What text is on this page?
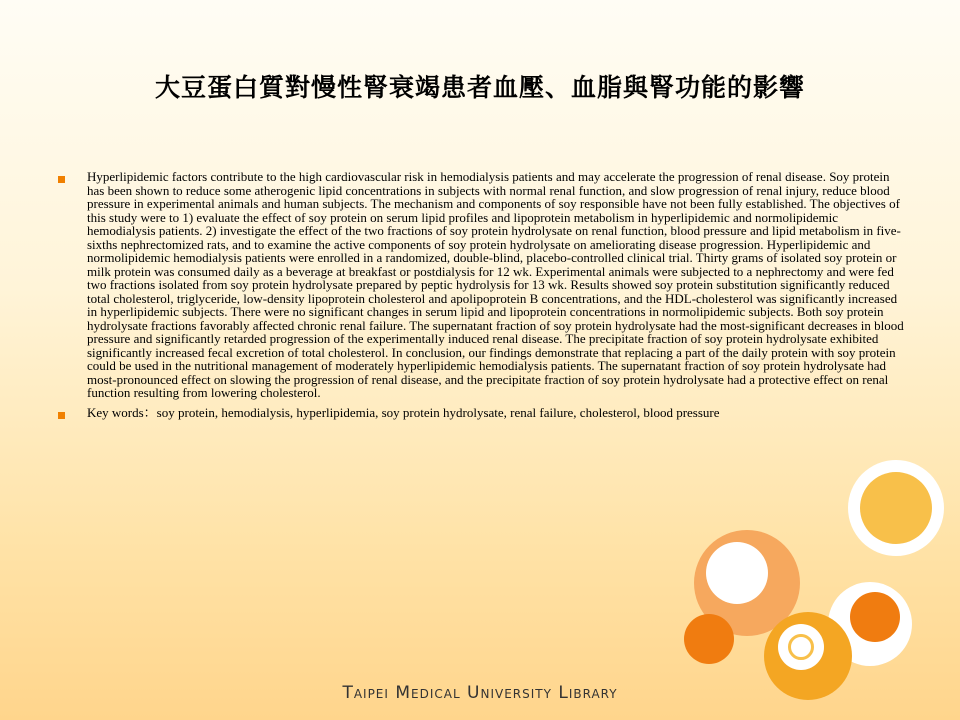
大豆蛋白質對慢性腎衰竭患者血壓、血脂與腎功能的影響
Hyperlipidemic factors contribute to the high cardiovascular risk in hemodialysis patients and may accelerate the progression of renal disease. Soy protein has been shown to reduce some atherogenic lipid concentrations in subjects with normal renal function, and slow progression of renal injury, reduce blood pressure in experimental animals and human subjects. The mechanism and components of soy responsible have not been fully established. The objectives of this study were to 1) evaluate the effect of soy protein on serum lipid profiles and lipoprotein metabolism in hyperlipidemic and normolipidemic hemodialysis patients. 2) investigate the effect of the two fractions of soy protein hydrolysate on renal function, blood pressure and lipid metabolism in five-sixths nephrectomized rats, and to examine the active components of soy protein hydrolysate on ameliorating disease progression. Hyperlipidemic and normolipidemic hemodialysis patients were enrolled in a randomized, double-blind, placebo-controlled clinical trial. Thirty grams of isolated soy protein or milk protein was consumed daily as a beverage at breakfast or postdialysis for 12 wk. Experimental animals were subjected to a nephrectomy and were fed two fractions isolated from soy protein hydrolysate prepared by peptic hydrolysis for 13 wk. Results showed soy protein substitution significantly reduced total cholesterol, triglyceride, low-density lipoprotein cholesterol and apolipoprotein B concentrations, and the HDL-cholesterol was significantly increased in hyperlipidemic subjects. There were no significant changes in serum lipid and lipoprotein concentrations in normolipidemic subjects. Both soy protein hydrolysate fractions favorably affected chronic renal failure. The supernatant fraction of soy protein hydrolysate had the most-significant decreases in blood pressure and significantly retarded progression of the experimentally induced renal disease. The precipitate fraction of soy protein hydrolysate exhibited significantly increased fecal excretion of total cholesterol. In conclusion, our findings demonstrate that replacing a part of the daily protein with soy protein could be used in the nutritional management of moderately hyperlipidemic hemodialysis patients. The supernatant fraction of soy protein hydrolysate had most-pronounced effect on slowing the progression of renal disease, and the precipitate fraction of soy protein hydrolysate had a protective effect on renal function resulting from lowering cholesterol.
Key words：soy protein, hemodialysis, hyperlipidemia, soy protein hydrolysate, renal failure, cholesterol, blood pressure
Taipei Medical University Library
